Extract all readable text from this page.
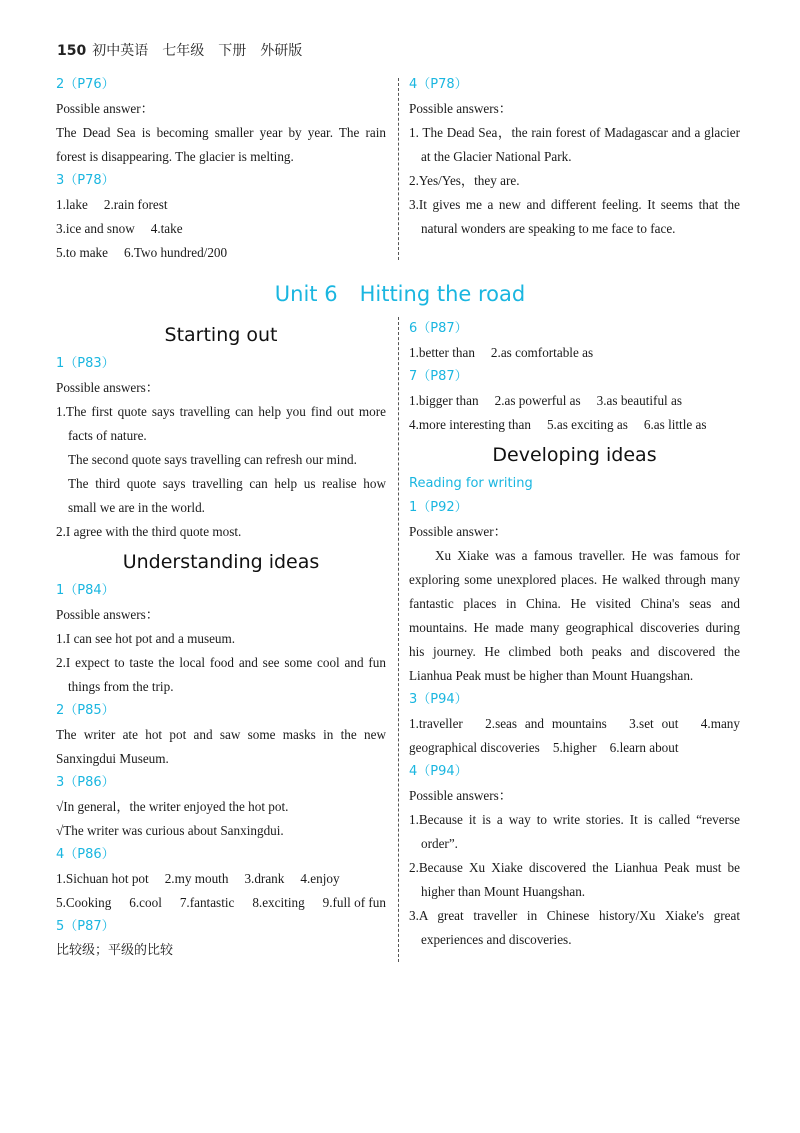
150 初中英语 七年级 下册 外研版
2（P76）
Possible answer：
The Dead Sea is becoming smaller year by year. The rain forest is disappearing. The glacier is melting.
3（P78）
1.lake 2.rain forest
3.ice and snow 4.take
5.to make 6.Two hundred/200
4（P78）
Possible answers：
1. The Dead Sea，the rain forest of Madagascar and a glacier at the Glacier National Park.
2.Yes/Yes，they are.
3.It gives me a new and different feeling. It seems that the natural wonders are speaking to me face to face.
Unit 6 Hitting the road
Starting out
1（P83）
Possible answers：
1.The first quote says travelling can help you find out more facts of nature.
The second quote says travelling can refresh our mind.
The third quote says travelling can help us realise how small we are in the world.
2.I agree with the third quote most.
Understanding ideas
1（P84）
Possible answers：
1.I can see hot pot and a museum.
2.I expect to taste the local food and see some cool and fun things from the trip.
2（P85）
The writer ate hot pot and saw some masks in the new Sanxingdui Museum.
3（P86）
√In general，the writer enjoyed the hot pot.
√The writer was curious about Sanxingdui.
4（P86）
1.Sichuan hot pot 2.my mouth 3.drank 4.enjoy
5.Cooking 6.cool 7.fantastic 8.exciting 9.full of fun
5（P87）
比较级；平级的比较
6（P87）
1.better than 2.as comfortable as
7（P87）
1.bigger than 2.as powerful as 3.as beautiful as
4.more interesting than 5.as exciting as 6.as little as
Developing ideas
Reading for writing
1（P92）
Possible answer：
Xu Xiake was a famous traveller. He was famous for exploring some unexplored places. He walked through many fantastic places in China. He visited China's seas and mountains. He made many geographical discoveries during his journey. He climbed both peaks and discovered the Lianhua Peak must be higher than Mount Huangshan.
3（P94）
1.traveller　2.seas and mountains　3.set out　4.many geographical discoveries　5.higher　6.learn about
4（P94）
Possible answers：
1.Because it is a way to write stories. It is called “reverse order”.
2.Because Xu Xiake discovered the Lianhua Peak must be higher than Mount Huangshan.
3.A great traveller in Chinese history/Xu Xiake's great experiences and discoveries.
